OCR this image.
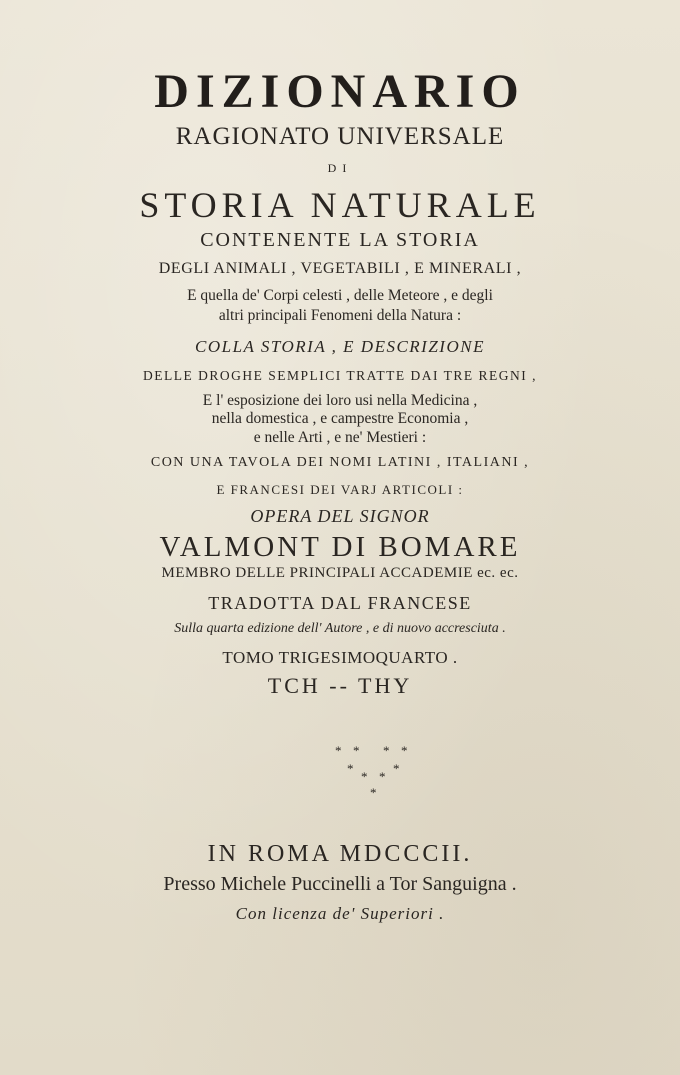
DIZIONARIO
RAGIONATO UNIVERSALE
DI
STORIA NATURALE
CONTENENTE LA STORIA
DEGLI ANIMALI , VEGETABILI , E MINERALI ,
E quella de' Corpi celesti , delle Meteore , e degli
altri principali Fenomeni della Natura :
COLLA STORIA , E DESCRIZIONE
DELLE DROGHE SEMPLICI TRATTE DAI TRE REGNI ,
E l' esposizione dei loro usi nella Medicina ,
nella domestica , e campestre Economia ,
e nelle Arti , e ne' Mestieri :
CON UNA TAVOLA DEI NOMI LATINI , ITALIANI ,
E FRANCESI DEI VARJ ARTICOLI :
OPERA DEL SIGNOR
VALMONT DI BOMARE
MEMBRO DELLE PRINCIPALI ACCADEMIE ec. ec.
TRADOTTA DAL FRANCESE
Sulla quarta edizione dell' Autore , e di nuovo accresciuta .
TOMO TRIGESIMOQUARTO .
TCH -- THY
* * * *
*	*
* *
*
IN ROMA MDCCCII.
Presso Michele Puccinelli a Tor Sanguigna .
Con licenza de' Superiori .
